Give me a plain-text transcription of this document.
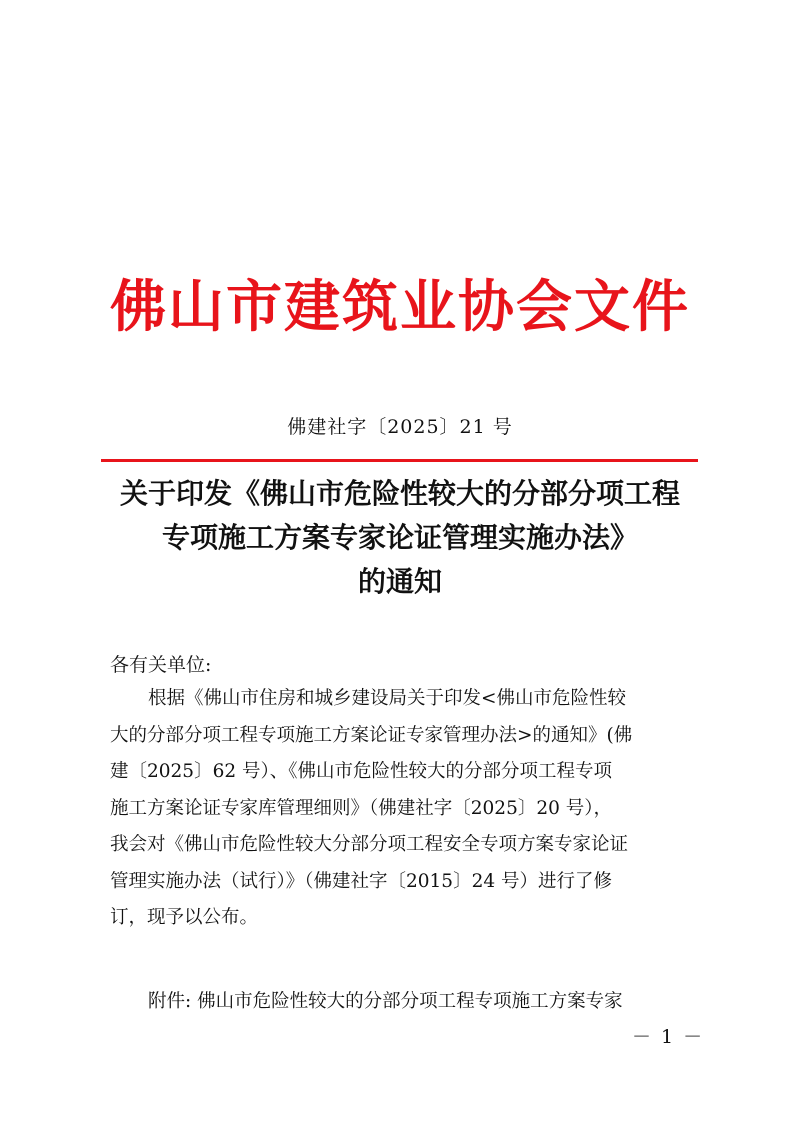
佛山市建筑业协会文件
佛建社字〔2025〕21 号
关于印发《佛山市危险性较大的分部分项工程
专项施工方案专家论证管理实施办法》
的通知
各有关单位:
根据《佛山市住房和城乡建设局关于印发<佛山市危险性较
大的分部分项工程专项施工方案论证专家管理办法>的通知》(佛
建〔2025〕62 号）、《佛山市危险性较大的分部分项工程专项
施工方案论证专家库管理细则》（佛建社字〔2025〕20 号），
我会对《佛山市危险性较大分部分项工程安全专项方案专家论证
管理实施办法（试行）》（佛建社字〔2015〕24 号）进行了修
订，现予以公布。
附件: 佛山市危险性较大的分部分项工程专项施工方案专家
－ 1 －
